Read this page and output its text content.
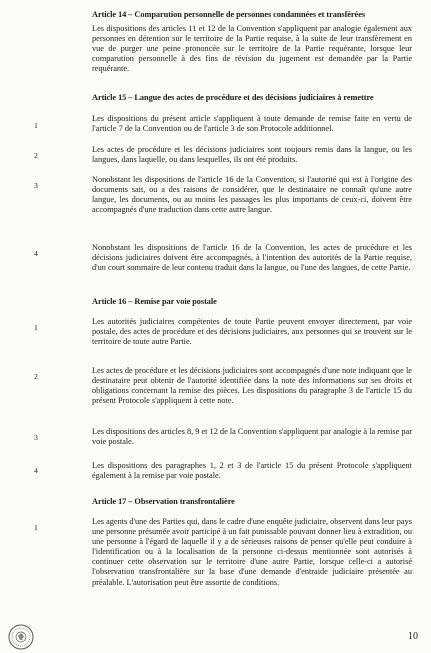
Article 14 – Comparution personnelle de personnes condamnées et transférées
Les dispositions des articles 11 et 12 de la Convention s'appliquent par analogie également aux personnes en détention sur le territoire de la Partie requise, à la suite de leur transfèrement en vue de purger une peine prononcée sur le territoire de la Partie requérante, lorsque leur comparution personnelle à des fins de révision du jugement est demandée par la Partie requérante.
Article 15 – Langue des actes de procédure et des décisions judiciaires à remettre
1
Les dispositions du présent article s'appliquent à toute demande de remise faite en vertu de l'article 7 de la Convention ou de l'article 3 de son Protocole additionnel.
2
Les actes de procédure et les décisions judiciaires sont toujours remis dans la langue, ou les langues, dans laquelle, ou dans lesquelles, ils ont été produits.
3
Nonobstant les dispositions de l'article 16 de la Convention, si l'autorité qui est à l'origine des documents sait, ou a des raisons de considérer, que le destinataire ne connaît qu'une autre langue, les documents, ou au moins les passages les plus importants de ceux-ci, doivent être accompagnés d'une traduction dans cette autre langue.
4
Nonobstant les dispositions de l'article 16 de la Convention, les actes de procédure et les décisions judiciaires doivent être accompagnés, à l'intention des autorités de la Partie requise, d'un court sommaire de leur contenu traduit dans la langue, ou l'une des langues, de cette Partie.
Article 16 – Remise par voie postale
1
Les autorités judiciaires compétentes de toute Partie peuvent envoyer directement, par voie postale, des actes de procédure et des décisions judiciaires, aux personnes qui se trouvent sur le territoire de toute autre Partie.
2
Les actes de procédure et les décisions judiciaires sont accompagnés d'une note indiquant que le destinataire peut obtenir de l'autorité identifiée dans la note des informations sur ses droits et obligations concernant la remise des pièces. Les dispositions du paragraphe 3 de l'article 15 du présent Protocole s'appliquent à cette note.
3
Les dispositions des articles 8, 9 et 12 de la Convention s'appliquent par analogie à la remise par voie postale.
4
Les dispositions des paragraphes 1, 2 et 3 de l'article 15 du présent Protocole s'appliquent également à la remise par voie postale.
Article 17 – Observation transfrontalière
1
Les agents d'une des Parties qui, dans le cadre d'une enquête judiciaire, observent dans leur pays une personne présumée avoir participé à un fait punissable pouvant donner lieu à extradition, ou une personne à l'égard de laquelle il y a de sérieuses raisons de penser qu'elle peut conduire à l'identification ou à la localisation de la personne ci-dessus mentionnée sont autorisés à continuer cette observation sur le territoire d'une autre Partie, lorsque celle-ci a autorisé l'observation transfrontalière sur la base d'une demande d'entraide judiciaire présentée au préalable. L'autorisation peut être assortie de conditions.
10
